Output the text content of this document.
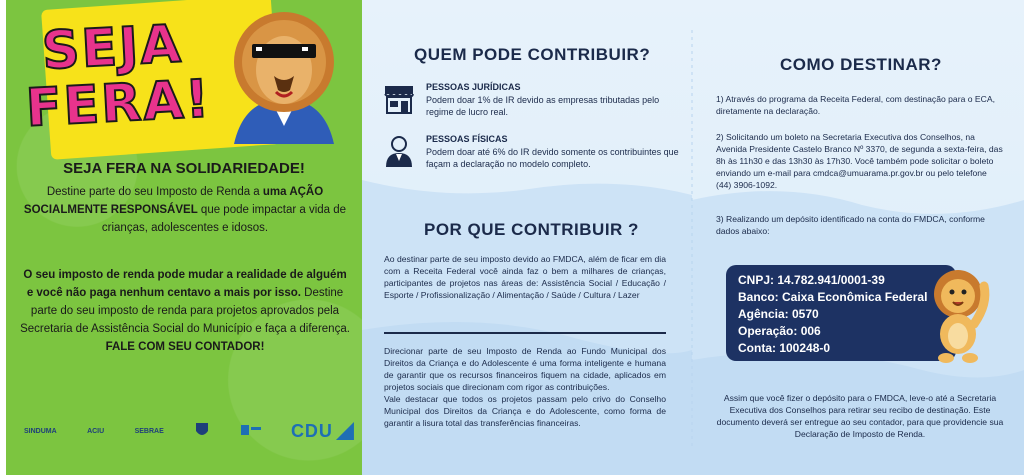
SEJA
FERA!
SEJA FERA NA SOLIDARIEDADE!
Destine parte do seu Imposto de Renda a uma AÇÃO SOCIALMENTE RESPONSÁVEL que pode impactar a vida de crianças, adolescentes e idosos.
O seu imposto de renda pode mudar a realidade de alguém e você não paga nenhum centavo a mais por isso. Destine parte do seu imposto de renda para projetos aprovados pela Secretaria de Assistência Social do Município e faça a diferença. FALE COM SEU CONTADOR!
SINDUMA	ACIU	SEBRAE	CDU
QUEM PODE CONTRIBUIR?
PESSOAS JURÍDICAS
Podem doar 1% de IR devido as empresas tributadas pelo regime de lucro real.
PESSOAS FÍSICAS
Podem doar até 6% do IR devido somente os contribuintes que façam a declaração no modelo completo.
POR QUE CONTRIBUIR ?
Ao destinar parte de seu imposto devido ao FMDCA, além de ficar em dia com a Receita Federal você ainda faz o bem a milhares de crianças, participantes de projetos nas áreas de: Assistência Social / Educação / Esporte / Profissionalização / Alimentação / Saúde / Cultura / Lazer
Direcionar parte de seu Imposto de Renda ao Fundo Municipal dos Direitos da Criança e do Adolescente é uma forma inteligente e humana de garantir que os recursos financeiros fiquem na cidade, aplicados em projetos sociais que direcionam com rigor as contribuições.
Vale destacar que todos os projetos passam pelo crivo do Conselho Municipal dos Direitos da Criança e do Adolescente, como forma de garantir a lisura total das transferências financeiras.
COMO DESTINAR?
1) Através do programa da Receita Federal, com destinação para o ECA, diretamente na declaração.
2) Solicitando um boleto na Secretaria Executiva dos Conselhos, na Avenida Presidente Castelo Branco Nº 3370, de segunda a sexta-feira, das 8h às 11h30 e das 13h30 às 17h30. Você também pode solicitar o boleto enviando um e-mail para cmdca@umuarama.pr.gov.br ou pelo telefone (44) 3906-1092.
3) Realizando um depósito identificado na conta do FMDCA, conforme dados abaixo:
CNPJ: 14.782.941/0001-39
Banco: Caixa Econômica Federal
Agência: 0570
Operação: 006
Conta: 100248-0
Assim que você fizer o depósito para o FMDCA, leve-o até a Secretaria Executiva dos Conselhos para retirar seu recibo de destinação. Este documento deverá ser entregue ao seu contador, para que providencie sua Declaração de Imposto de Renda.
